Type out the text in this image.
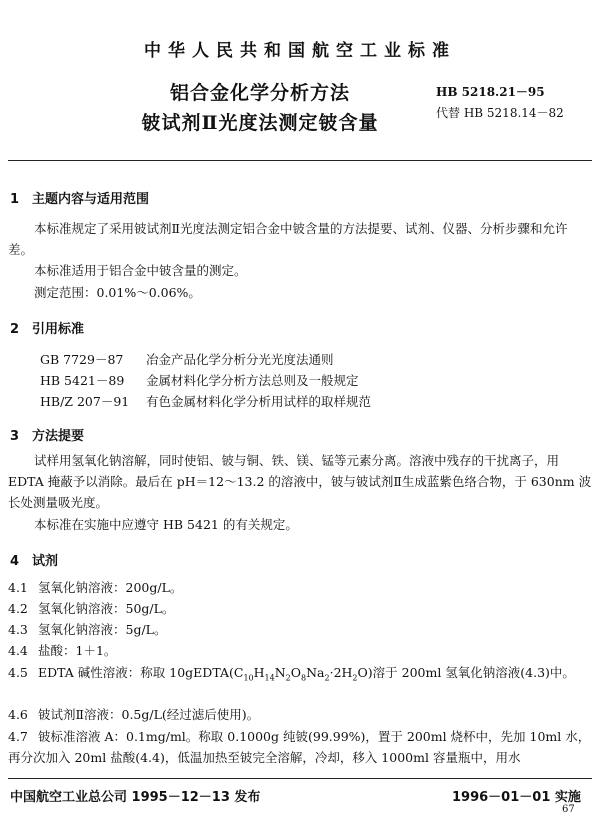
中华人民共和国航空工业标准
铝合金化学分析方法
铍试剂Ⅱ光度法测定铍含量
HB 5218.21－95
代替 HB 5218.14－82
1　主题内容与适用范围
本标准规定了采用铍试剂Ⅱ光度法测定铝合金中铍含量的方法提要、试剂、仪器、分析步骤和允许差。
本标准适用于铝合金中铍含量的测定。
测定范围：0.01%～0.06%。
2　引用标准
GB 7729－87 冶金产品化学分析分光光度法通则
HB 5421－89 金属材料化学分析方法总则及一般规定
HB/Z 207－91 有色金属材料化学分析用试样的取样规范
3　方法提要
试样用氢氧化钠溶解，同时使铝、铍与铜、铁、镁、锰等元素分离。溶液中残存的干扰离子，用 EDTA 掩蔽予以消除。最后在 pH＝12～13.2 的溶液中，铍与铍试剂Ⅱ生成蓝紫色络合物，于 630nm 波长处测量吸光度。
本标准在实施中应遵守 HB 5421 的有关规定。
4　试剂
4.1 氢氧化钠溶液：200g/L。
4.2 氢氧化钠溶液：50g/L。
4.3 氢氧化钠溶液：5g/L。
4.4 盐酸：1＋1。
4.5 EDTA 碱性溶液：称取 $10gEDTA(C_{10}H_{14}N_2O_8Na_2\cdot 2H_2O)$溶于 200ml 氢氧化钠溶液(4.3)中。
4.6 铍试剂Ⅱ溶液：0.5g/L(经过滤后使用)。
4.7 铍标准溶液 A：0.1mg/ml。称取 0.1000g 纯铍(99.99%)，置于 200ml 烧杯中，先加 10ml 水，再分次加入 20ml 盐酸(4.4)，低温加热至铍完全溶解，冷却，移入 1000ml 容量瓶中，用水
中国航空工业总公司 1995－12－13 发布	1996－01－01 实施
67
